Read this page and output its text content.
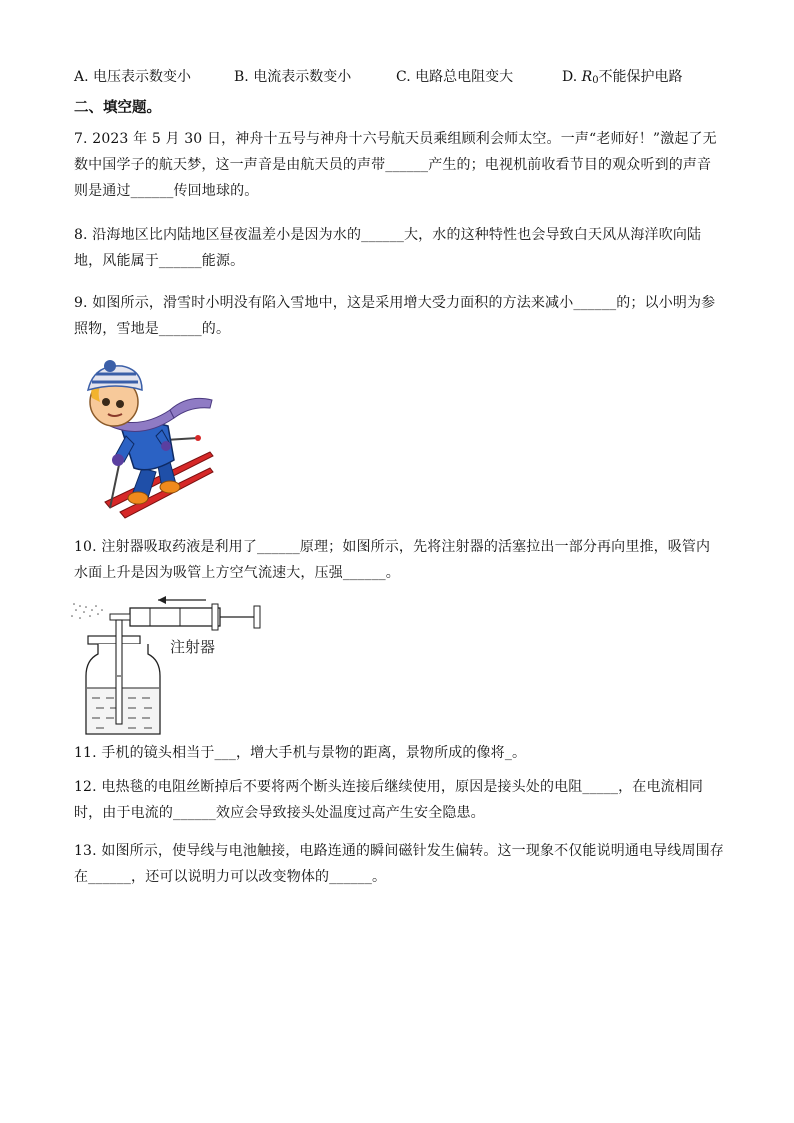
A. 电压表示数变小	B. 电流表示数变小	C. 电路总电阻变大	D. $R_0$不能保护电路
二、填空题。
7. 2023 年 5 月 30 日，神舟十五号与神舟十六号航天员乘组顾利会师太空。一声“老师好！”激起了无数中国学子的航天梦，这一声音是由航天员的声带______产生的；电视机前收看节目的观众听到的声音则是通过______传回地球的。
8. 沿海地区比内陆地区昼夜温差小是因为水的______大，水的这种特性也会导致白天风从海洋吹向陆地，风能属于______能源。
9. 如图所示，滑雪时小明没有陷入雪地中，这是采用增大受力面积的方法来减小______的；以小明为参照物，雪地是______的。
10. 注射器吸取药液是利用了______原理；如图所示，先将注射器的活塞拉出一部分再向里推，吸管内水面上升是因为吸管上方空气流速大，压强______。
注射器
11. 手机的镜头相当于___，增大手机与景物的距离，景物所成的像将_。
12. 电热毯的电阻丝断掉后不要将两个断头连接后继续使用，原因是接头处的电阻_____，在电流相同时，由于电流的______效应会导致接头处温度过高产生安全隐患。
13. 如图所示，使导线与电池触接，电路连通的瞬间磁针发生偏转。这一现象不仅能说明通电导线周围存在______，还可以说明力可以改变物体的______。
